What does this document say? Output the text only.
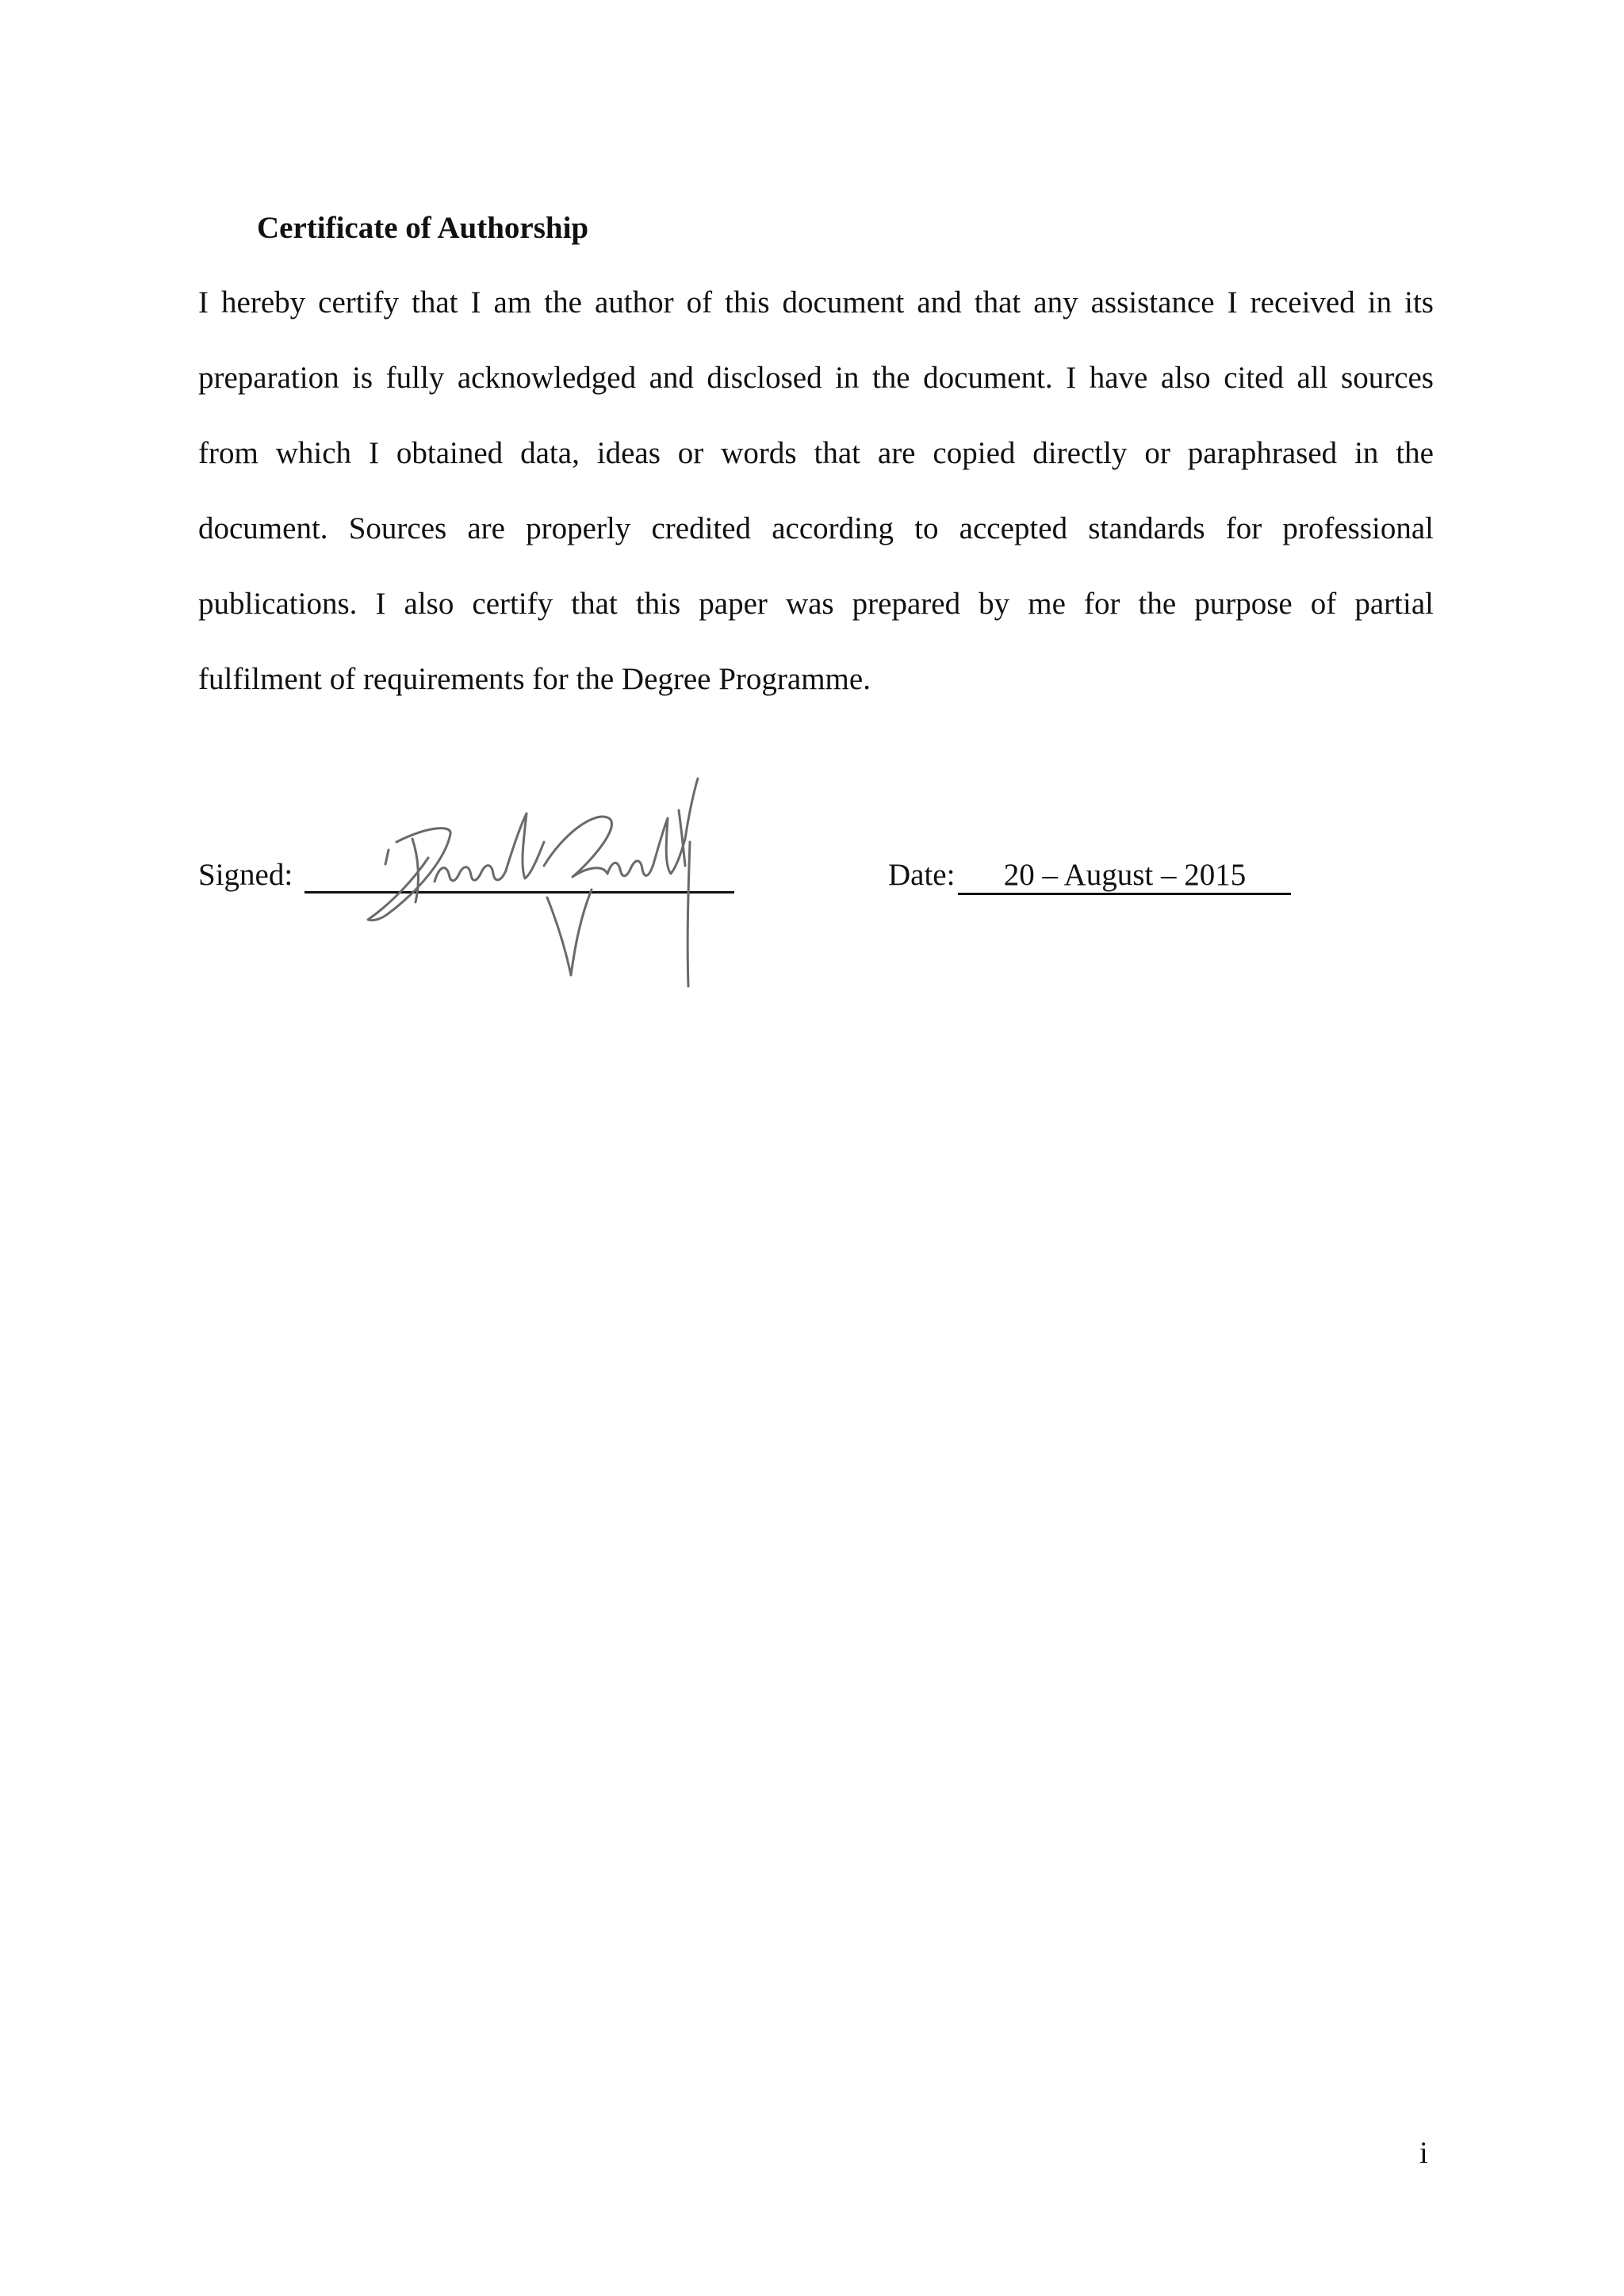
Certificate of Authorship
I hereby certify that I am the author of this document and that any assistance I received in its
preparation is fully acknowledged and disclosed in the document. I have also cited all sources
from which I obtained data, ideas or words that are copied directly or paraphrased in the
document. Sources are properly credited according to accepted standards for professional
publications. I also certify that this paper was prepared by me for the purpose of partial
fulfilment of requirements for the Degree Programme.
Signed:	Date: 20 – August – 2015
i
